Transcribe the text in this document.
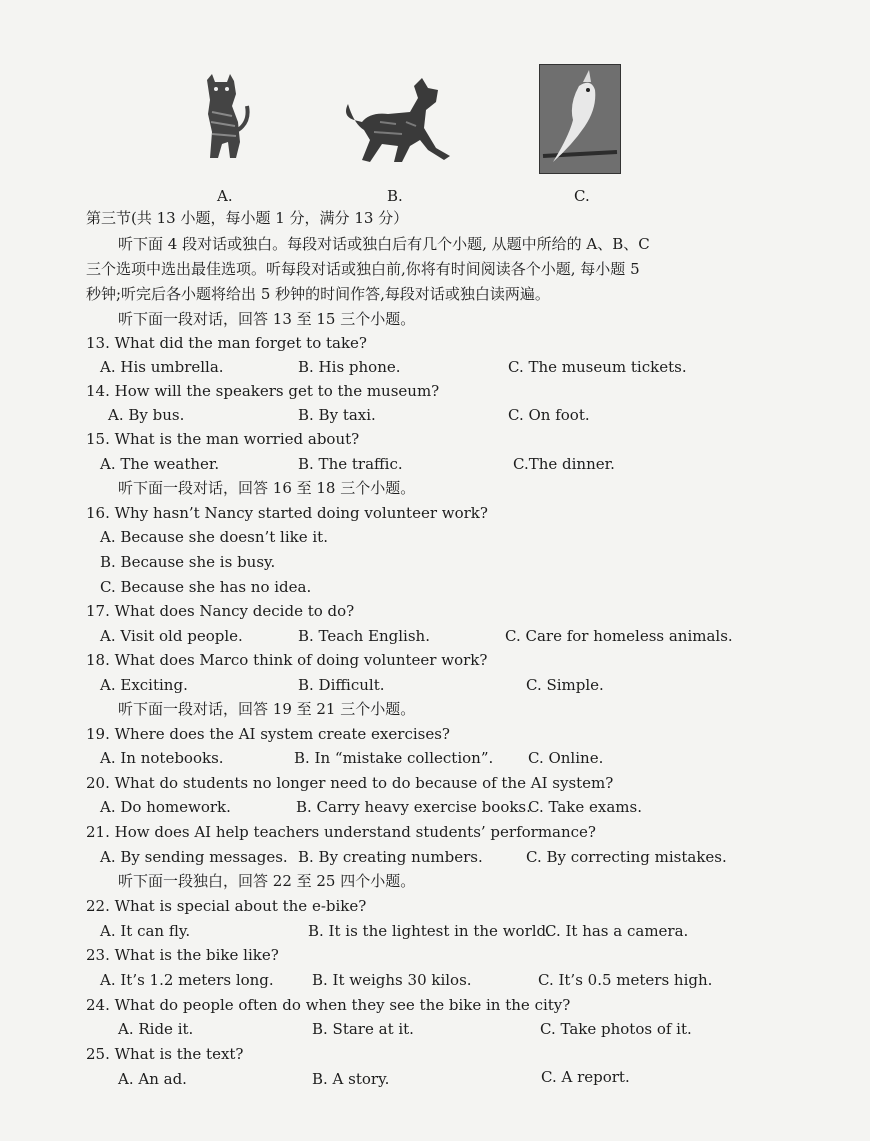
A.	B.	C.
第三节(共 13 小题，每小题 1 分，满分 13 分）
听下面 4 段对话或独白。每段对话或独白后有几个小题, 从题中所给的 A、B、C
三个选项中选出最佳选项。听每段对话或独白前,你将有时间阅读各个小题, 每小题 5
秒钟;听完后各小题将给出 5 秒钟的时间作答,每段对话或独白读两遍。
听下面一段对话，回答 13 至 15 三个小题。
13. What did the man forget to take?
A. His umbrella.	B. His phone.	C. The museum tickets.
14. How will the speakers get to the museum?
A. By bus.	B. By taxi.	C. On foot.
15. What is the man worried about?
A. The weather.	B. The traffic.	C.The dinner.
听下面一段对话，回答 16 至 18 三个小题。
16. Why hasn’t Nancy started doing volunteer work?
A. Because she doesn’t like it.
B. Because she is busy.
C. Because she has no idea.
17. What does Nancy decide to do?
A. Visit old people.	B. Teach English.	C. Care for homeless animals.
18. What does Marco think of doing volunteer work?
A. Exciting.	B. Difficult.	C. Simple.
听下面一段对话，回答 19 至 21 三个小题。
19. Where does the AI system create exercises?
A. In notebooks.	B. In “mistake collection”. C. Online.
20. What do students no longer need to do because of the AI system?
A. Do homework.	B. Carry heavy exercise books.
C. Take exams.
21. How does AI help teachers understand students’ performance?
A. By sending messages. B. By creating numbers.	C. By correcting mistakes.
听下面一段独白，回答 22 至 25 四个小题。
22. What is special about the e-bike?
A. It can fly.	B. It is the lightest in the world.
C. It has a camera.
23. What is the bike like?
A. It’s 1.2 meters long.	B. It weighs 30 kilos.	C. It’s 0.5 meters high.
24. What do people often do when they see the bike in the city?
A. Ride it.	B. Stare at it.	C. Take photos of it.
25. What is the text?
A. An ad.	B. A story.	C. A report.
